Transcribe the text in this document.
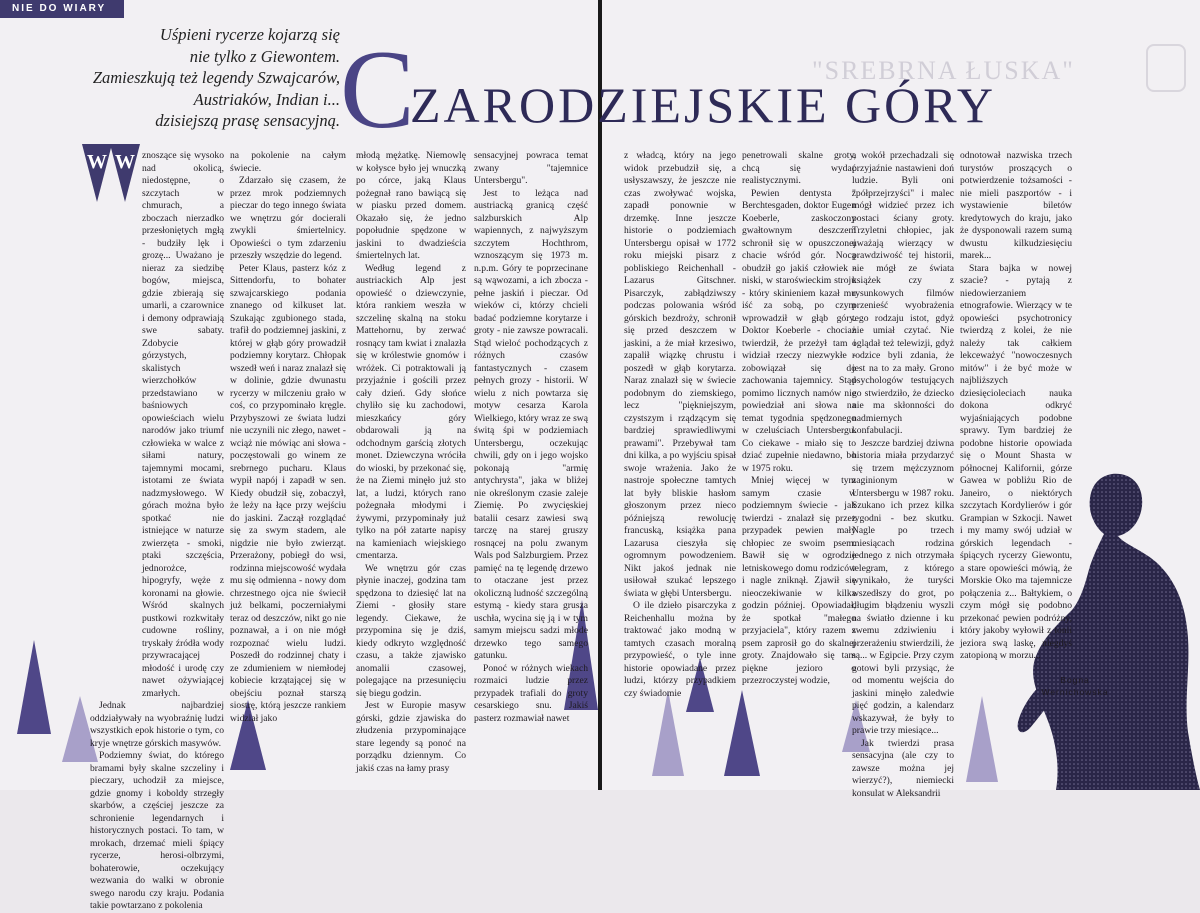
"SREBRNA ŁUSKA"
NIE DO WIARY
Uśpieni rycerze kojarzą się
nie tylko z Giewontem.
Zamieszkują też legendy Szwajcarów,
Austriaków, Indian i...
dzisiejszą prasę sensacyjną. C
ZARODZIEJSKIE GÓRY
W W znoszące się wysoko nad okolicą, niedostępne, o szczytach w chmurach, a zboczach nierzadko przesłoniętych mgłą - budziły lęk i grozę... Uważano je nieraz za siedzibę bogów, miejsca, gdzie zbierają się umarli, a czarownice i demony odprawiają swe sabaty. Zdobycie górzystych, skalistych wierzchołków przedstawiano w baśniowych opowieściach wielu narodów jako triumf człowieka w walce z siłami natury, tajemnymi mocami, istotami ze świata nadzmysłowego. W górach można było spotkać nie istniejące w naturze zwierzęta - smoki, ptaki szczęścia, jednorożce, hipogryfy, węże z koronami na głowie. Wśród skalnych pustkowi rozkwitały cudowne rośliny, tryskały źródła wody przywracającej młodość i urodę czy nawet ożywiającej zmarłych.

Jednak najbardziej oddziaływały na wyobraźnię ludzi wszystkich epok historie o tym, co kryje wnętrze górskich masywów.

Podziemny świat, do którego bramami były skalne szczeliny i pieczary, uchodził za miejsce, gdzie gnomy i koboldy strzegły skarbów, a częściej jeszcze za schronienie legendarnych i historycznych postaci. To tam, w mrokach, drzemać mieli śpiący rycerze, herosi-olbrzymi, bohaterowie, oczekujący wezwania do walki w obronie swego narodu czy kraju. Podania takie powtarzano z pokolenia

na pokolenie na całym świecie.

Zdarzało się czasem, że przez mrok podziemnych pieczar do tego innego świata we wnętrzu gór docierali zwykli śmiertelnicy. Opowieści o tym zdarzeniu przeszły wszędzie do legend.

Peter Klaus, pasterz kóz z Sittendorfu, to bohater szwajcarskiego podania znanego od kilkuset lat. Szukając zgubionego stada, trafił do podziemnej jaskini, z której w głąb góry prowadził podziemny korytarz. Chłopak wszedł weń i naraz znalazł się w dolinie, gdzie dwunastu rycerzy w milczeniu grało w coś, co przypominało kręgle. Przybyszowi ze świata ludzi nie uczynili nic złego, nawet - wciąż nie mówiąc ani słowa - poczęstowali go winem ze srebrnego pucharu. Klaus wypił napój i zapadł w sen. Kiedy obudził się, zobaczył, że leży na łące przy wejściu do jaskini. Zaczął rozglądać się za swym stadem, ale nigdzie nie było zwierząt. Przerażony, pobiegł do wsi, rodzinna miejscowość wydała mu się odmienna - nowy dom chrzestnego ojca nie świecił już belkami, poczerniałymi teraz od deszczów, nikt go nie poznawał, a i on nie mógł rozpoznać wielu ludzi. Poszedł do rodzinnej chaty i ze zdumieniem w niemłodej kobiecie krzątającej się w obejściu poznał starszą siostrę, którą jeszcze rankiem widział jako

młodą mężatkę. Niemowlę w kołysce było jej wnuczką po córce, jaką Klaus pożegnał rano bawiącą się w piasku przed domem. Okazało się, że jedno popołudnie spędzone w jaskini to dwadzieścia śmiertelnych lat.

Według legend z austriackich Alp jest opowieść o dziewczynie, która rankiem weszła w szczelinę skalną na stoku Mattehornu, by zerwać rosnący tam kwiat i znalazła się w królestwie gnomów i wróżek. Ci potraktowali ją przyjaźnie i gościli przez cały dzień. Gdy słońce chyliło się ku zachodowi, mieszkańcy góry obdarowali ją na odchodnym garścią złotych monet. Dziewczyna wróciła do wioski, by przekonać się, że na Ziemi minęło już sto lat, a ludzi, których rano pożegnała młodymi i żywymi, przypominały już tylko na pół zatarte napisy na kamieniach wiejskiego cmentarza.

We wnętrzu gór czas płynie inaczej, godzina tam spędzona to dziesięć lat na Ziemi - głosiły stare legendy. Ciekawe, że przypomina się je dziś, kiedy odkryto względność czasu, a także zjawisko anomalii czasowej, polegające na przesunięciu się biegu godzin.

Jest w Europie masyw górski, gdzie zjawiska do złudzenia przypominające stare legendy są ponoć na porządku dziennym. Co jakiś czas na łamy prasy

sensacyjnej powraca temat zwany "tajemnice Untersbergu".

Jest to leżąca nad austriacką granicą część salzburskich Alp wapiennych, z najwyższym szczytem Hochthrom, wznoszącym się 1973 m. n.p.m. Góry te poprzecinane są wąwozami, a ich zbocza - pełne jaskiń i pieczar. Od wieków ci, którzy chcieli badać podziemne korytarze i groty - nie zawsze powracali. Stąd wieloć pochodzących z różnych czasów fantastycznych - czasem pełnych grozy - historii. W wielu z nich powtarza się motyw cesarza Karola Wielkiego, który wraz ze swą świtą śpi w podziemiach Untersbergu, oczekując chwili, gdy on i jego wojsko pokonają "armię antychrysta", jaka w bliżej nie określonym czasie zaleje Ziemię. Po zwycięskiej batalii cesarz zawiesi swą tarczę na starej gruszy rosnącej na polu zwanym Wals pod Salzburgiem. Przez pamięć na tę legendę drzewo to otaczane jest przez okoliczną ludność szczególną estymą - kiedy stara grusza uschła, wycina się ją i w tym samym miejscu sadzi młode drzewko tego samego gatunku.

Ponoć w różnych wiekach rozmaici ludzie przez przypadek trafiali do groty cesarskiego snu. Jakiś pasterz rozmawiał nawet

z władcą, który na jego widok przebudził się, a usłyszawszy, że jeszcze nie czas zwoływać wojska, zapadł ponownie w drzemkę. Inne jeszcze historie o podziemiach Untersbergu opisał w 1772 roku miejski pisarz z pobliskiego Reichenhall - Lazarus Gitschner. Pisarczyk, zabłądziwszy podczas polowania wśród górskich bezdroży, schronił się przed deszczem w jaskini, a że miał krzesiwo, zapalił wiązkę chrustu i poszedł w głąb korytarza. Naraz znalazł się w świecie podobnym do ziemskiego, lecz "piękniejszym, czystszym i rządzącym się bardziej sprawiedliwymi prawami". Przebywał tam dni kilka, a po wyjściu spisał swoje wrażenia. Jako że nastroje społeczne tamtych lat były bliskie hasłom głoszonym przez nieco późniejszą rewolucję francuską, książka pana Lazarusa cieszyła się ogromnym powodzeniem. Nikt jakoś jednak nie usiłował szukać lepszego świata w głębi Untersbergu.

O ile dzieło pisarczyka z Reichenhallu można by traktować jako modną w tamtych czasach moralną przypowieść, o tyle inne historie opowiadane przez ludzi, którzy przypadkiem czy świadomie

penetrowali skalne groty, chcą się wydać realistycznymi.

Pewien dentysta z Berchtesgaden, doktor Eugen Koeberle, zaskoczony gwałtownym deszczem schronił się w opuszczonej chacie wśród gór. Nocą obudził go jakiś człowiek - niski, w staroświeckim stroju - który skinieniem kazał mu iść za sobą, po czym wprowadził w głąb góry. Doktor Koeberle - chociaż twierdził, że przeżył tam i widział rzeczy niezwykłe - zobowiązał się do zachowania tajemnicy. Stąd pomimo licznych namów nie powiedział ani słowa na temat tygodnia spędzonego w czeluściach Untersbergu. Co ciekawe - miało się to dziać zupełnie niedawno, bo w 1975 roku.

Mniej więcej w tym samym czasie w podziemnym świecie - jak twierdzi - znalazł się przez przypadek pewien mały chłopiec ze swoim psem. Bawił się w ogrodzie letniskowego domu rodziców i nagle zniknął. Zjawił się nieoczekiwanie w kilka godzin później. Opowiadał, że spotkał "małego przyjaciela", który razem z psem zaprosił go do skalnej groty. Znajdowało się tam piękne jezioro o przezroczystej wodzie,

a wokół przechadzali się przyjaźnie nastawieni doń ludzie. Byli oni "półprzejrzyści" i malec mógł widzieć przez ich postaci ściany groty. Trzyletni chłopiec, jak uważają wierzący w prawdziwość tej historii, nie mógł ze świata książek czy z rysunkowych filmów przenieść wyobrażenia tego rodzaju istot, gdyż nie umiał czytać. Nie oglądał też telewizji, gdyż rodzice byli zdania, że jest na to za mały. Grono psychologów testujących go stwierdziło, że dziecko nie ma skłonności do nadmiernych konfabulacji.

Jeszcze bardziej dziwna historia miała przydarzyć się trzem mężczyznom zaginionym w Untersbergu w 1987 roku. Szukano ich przez kilka tygodni - bez skutku. Nagle po trzech miesiącach rodzina jednego z nich otrzymała telegram, z którego wynikało, że turyści wszedłszy do grot, po długim błądzeniu wyszli na światło dzienne i ku swemu zdziwieniu i przerażeniu stwierdzili, że są... w Egipcie. Przy czym gotowi byli przysiąc, że od momentu wejścia do jaskini minęło zaledwie pięć godzin, a kalendarz wskazywał, że były to prawie trzy miesiące...

Jak twierdzi prasa sensacyjna (ale czy to zawsze można jej wierzyć?), niemiecki konsulat w Aleksandrii

odnotował nazwiska trzech turystów proszących o potwierdzenie tożsamości - nie mieli paszportów - i wystawienie biletów kredytowych do kraju, jako że dysponowali razem sumą dwustu kilkudziesięciu marek...

Stara bajka w nowej szacie? - pytają z niedowierzaniem etnografowie. Wierzący w te opowieści psychotronicy twierdzą z kolei, że nie należy tak całkiem lekceważyć "nowoczesnych mitów" i że być może w najbliższych dziesięcioleciach nauka dokona odkryć wyjaśniających podobne sprawy. Tym bardziej że podobne historie opowiada się o Mount Shasta w północnej Kalifornii, górze Gawea w pobliżu Rio de Janeiro, o niektórych szczytach Kordylierów i gór Grampian w Szkocji. Nawet i my mamy swój udział w górskich legendach - śpiących rycerzy Giewontu, a stare opowieści mówią, że Morskie Oko ma tajemnicze połączenia z... Bałtykiem, o czym mógł się podobno przekonać pewien podróżny, który jakoby wyłowił z tonii jeziora swą laskę, niegdyś zatopioną w morzu...

Bogna
Wernichowska
